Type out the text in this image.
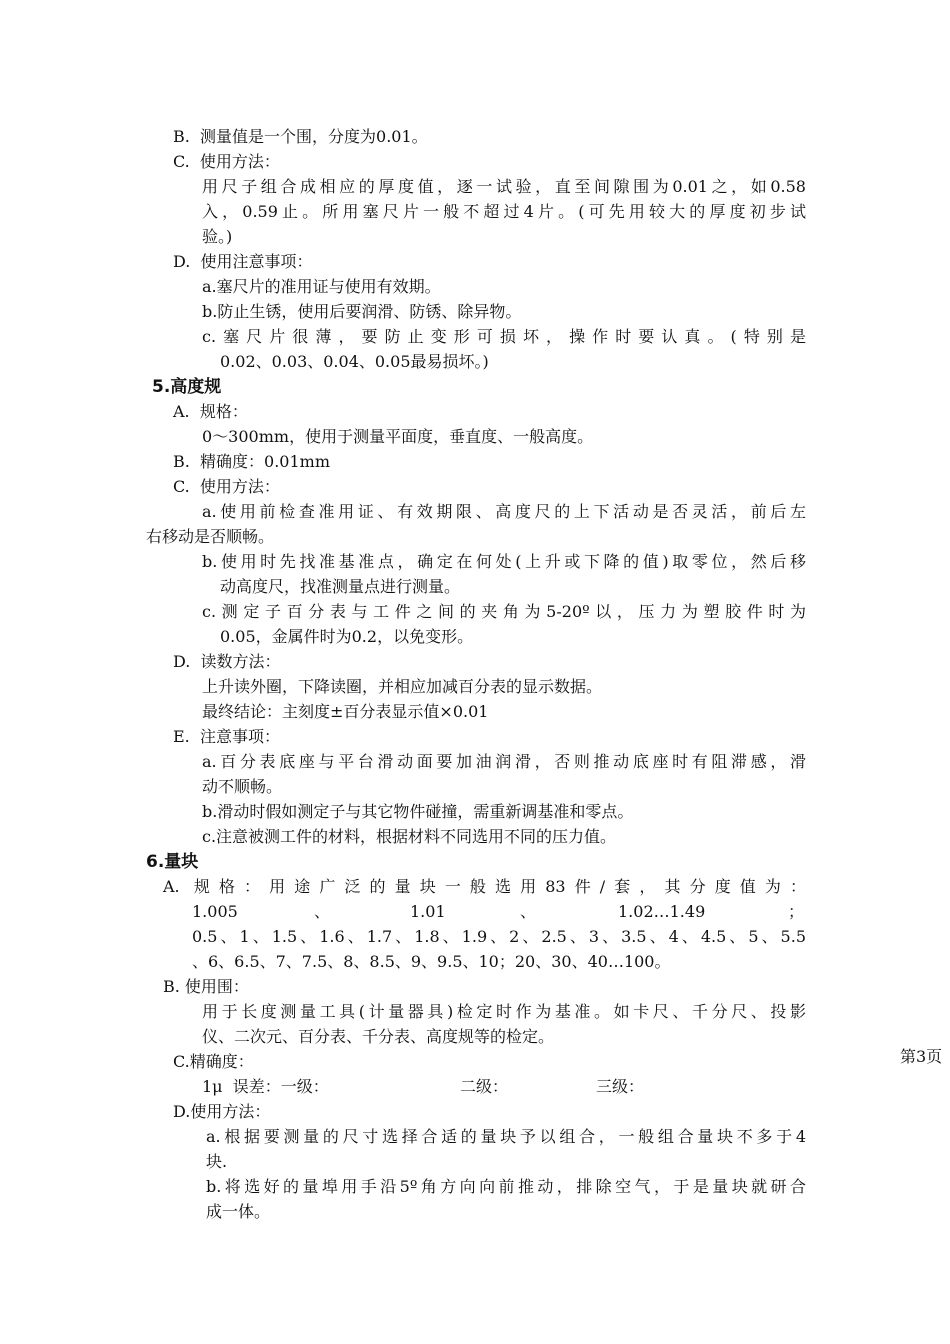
B.  测量值是一个围，分度为0.01。
C.  使用方法：
用尺子组合成相应的厚度值，逐一试验，直至间隙围为0.01之，如0.58
入，0.59止。所用塞尺片一般不超过4片。(可先用较大的厚度初步试
验。)
D.  使用注意事项：
a.塞尺片的准用证与使用有效期。
b.防止生锈，使用后要润滑、防锈、除异物。
c.塞尺片很薄，要防止变形可损坏，操作时要认真。(特别是
0.02、0.03、0.04、0.05最易损坏。)
5.高度规
A.  规格：
0～300mm，使用于测量平面度，垂直度、一般高度。
B.  精确度：0.01mm
C.  使用方法：
a.使用前检查准用证、有效期限、高度尺的上下活动是否灵活，前后左
右移动是否顺畅。
b.使用时先找准基准点，确定在何处(上升或下降的值)取零位，然后移
动高度尺，找准测量点进行测量。
c.测定子百分表与工件之间的夹角为5-20º以，压力为塑胶件时为
0.05，金属件时为0.2，以免变形。
D.  读数方法：
上升读外圈，下降读圈，并相应加减百分表的显示数据。
最终结论：主刻度±百分表显示值×0.01
E.  注意事项：
a.百分表底座与平台滑动面要加油润滑，否则推动底座时有阻滞感，滑
动不顺畅。
b.滑动时假如测定子与其它物件碰撞，需重新调基准和零点。
c.注意被测工件的材料，根据材料不同选用不同的压力值。
6.量块
A. 规格：用途广泛的量块一般选用83件/套，其分度值为：
1.005	、	1.01	、	1.02…1.49	；
0.5、1、1.5、1.6、1.7、1.8、1.9、2、2.5、3、3.5、4、4.5、5、5.5
、6、6.5、7、7.5、8、8.5、9、9.5、10；20、30、40…100。
B. 使用围：
用于长度测量工具(计量器具)检定时作为基准。如卡尺、千分尺、投影
仪、二次元、百分表、千分表、高度规等的检定。
C.精确度：
1μ  误差：一级：	二级：	三级：
D.使用方法：
a.根据要测量的尺寸选择合适的量块予以组合，一般组合量块不多于4
块.
b.将选好的量埠用手沿5º角方向向前推动，排除空气，于是量块就研合
成一体。
第3页
